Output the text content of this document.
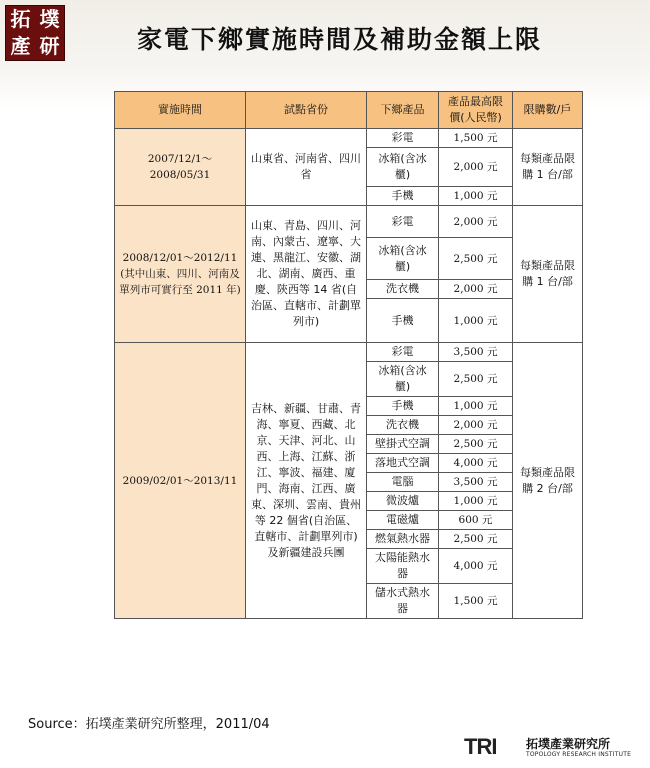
拓 墣
產 研	家電下鄉實施時間及補助金額上限
實施時間	試點省份	下鄉產品	產品最高限價(人民幣)	限購數/戶
2007/12/1～2008/05/31	山東省、河南省、四川省	彩電	1,500 元	每類產品限購 1 台/部
		冰箱(含冰櫃)	2,000 元	
		手機	1,000 元	
2008/12/01～2012/11 (其中山東、四川、河南及單列市可實行至 2011 年)	山東、青島、四川、河南、內蒙古、遼寧、大連、黑龍江、安徽、湖北、湖南、廣西、重慶、陝西等 14 省(自治區、直轄市、計劃單列市)	彩電	2,000 元	每類產品限購 1 台/部
		冰箱(含冰櫃)	2,500 元	
		洗衣機	2,000 元	
		手機	1,000 元	
2009/02/01～2013/11	吉林、新疆、甘肅、青海、寧夏、西藏、北京、天津、河北、山西、上海、江蘇、浙江、寧波、福建、廈門、海南、江西、廣東、深圳、雲南、貴州等 22 個省(自治區、直轄市、計劃單列市)及新疆建設兵團	彩電	3,500 元	每類產品限購 2 台/部
		冰箱(含冰櫃)	2,500 元	
		手機	1,000 元	
		洗衣機	2,000 元	
		壁掛式空調	2,500 元	
		落地式空調	4,000 元	
		電腦	3,500 元	
		微波爐	1,000 元	
		電磁爐	600 元	
		燃氣熱水器	2,500 元	
		太陽能熱水器	4,000 元	
		儲水式熱水器	1,500 元	
Source：拓墣產業研究所整理，2011/04
TRI 拓墣產業研究所
TOPOLOGY RESEARCH INSTITUTE
